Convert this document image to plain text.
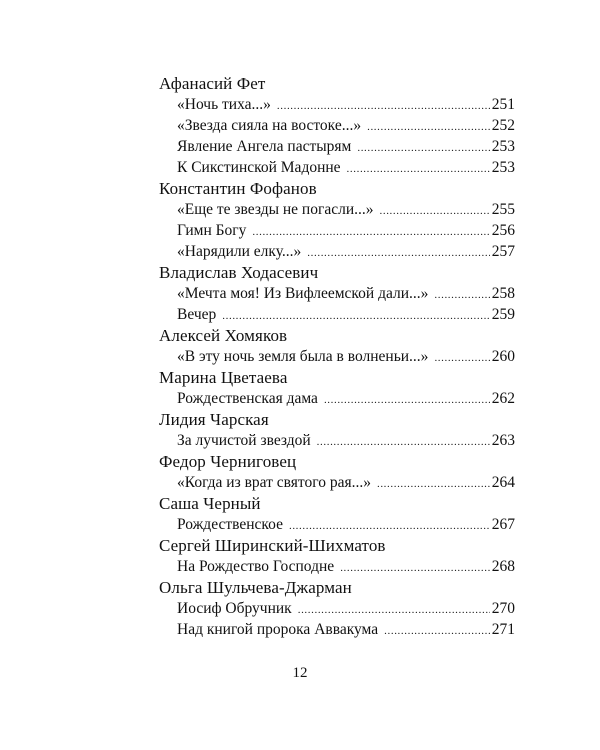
Афанасий Фет
«Ночь тиха...» .....	251
«Звезда сияла на востоке...» .....	252
Явление Ангела пастырям .....	253
К Сикстинской Мадонне .....	253
Константин Фофанов
«Еще те звезды не погасли...» .....	255
Гимн Богу .....	256
«Нарядили елку...» .....	257
Владислав Ходасевич
«Мечта моя! Из Вифлеемской дали...» .....	258
Вечер .....	259
Алексей Хомяков
«В эту ночь земля была в волненьи...» .....	260
Марина Цветаева
Рождественская дама .....	262
Лидия Чарская
За лучистой звездой .....	263
Федор Черниговец
«Когда из врат святого рая...» .....	264
Саша Черный
Рождественское .....	267
Сергей Ширинский-Шихматов
На Рождество Господне .....	268
Ольга Шульчева-Джарман
Иосиф Обручник .....	270
Над книгой пророка Аввакума .....	271
12
